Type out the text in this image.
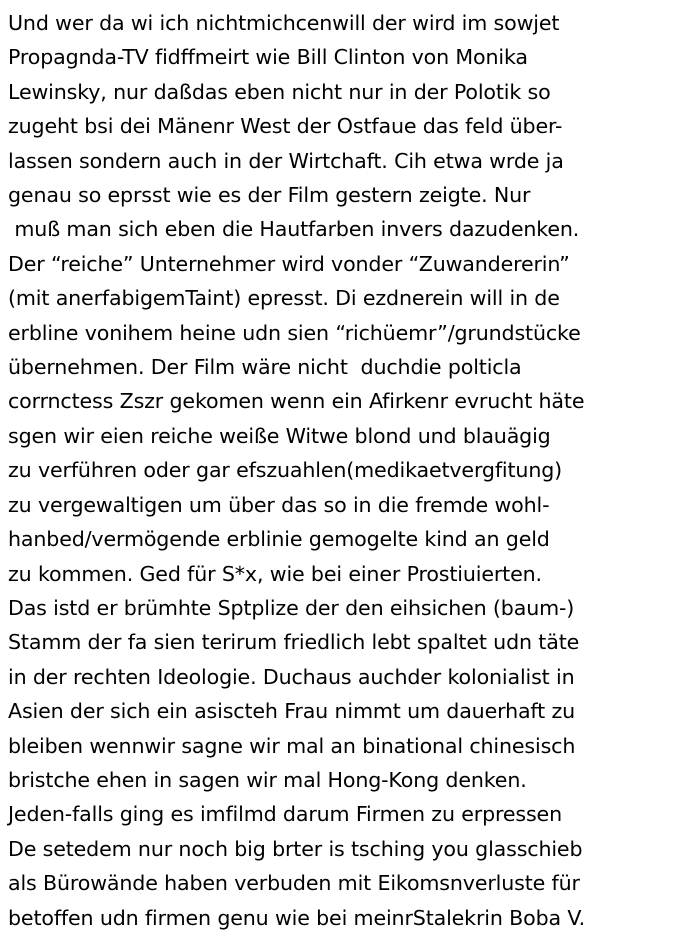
Und wer da wi ich nichtmichcenwill der wird im sowjet
Propagnda-TV fidffmeirt wie Bill Clinton von Monika
Lewinsky, nur daßdas eben nicht nur in der Polotik so
zugeht bsi dei Mänenr West der Ostfaue das feld über-
lassen sondern auch in der Wirtchaft. Cih etwa wrde ja
genau so eprsst wie es der Film gestern zeigte. Nur
muß man sich eben die Hautfarben invers dazudenken.
Der “reiche” Unternehmer wird vonder “Zuwandererin”
(mit anerfabigemTaint) epresst. Di ezdnerein will in de
erbline vonihem heine udn sien “richüemr”/grundstücke
übernehmen. Der Film wäre nicht  duchdie polticla
corrnctess Zszr gekomen wenn ein Afirkenr evrucht häte
sgen wir eien reiche weiße Witwe blond und blauägig
zu verführen oder gar efszuahlen(medikaetvergfitung)
zu vergewaltigen um über das so in die fremde wohl-
hanbed/vermögende erblinie gemogelte kind an geld
zu kommen. Ged für S*x, wie bei einer Prostiuierten.
Das istd er brümhte Sptplize der den eihsichen (baum-)
Stamm der fa sien terirum friedlich lebt spaltet udn täte
in der rechten Ideologie. Duchaus auchder kolonialist in
Asien der sich ein asiscteh Frau nimmt um dauerhaft zu
bleiben wennwir sagne wir mal an binational chinesisch
bristche ehen in sagen wir mal Hong-Kong denken.
Jeden-falls ging es imfilmd darum Firmen zu erpressen
De setedem nur noch big brter is tsching you glasschieb
als Bürowände haben verbuden mit Eikomsnverluste für
betoffen udn firmen genu wie bei meinrStalekrin Boba V.
